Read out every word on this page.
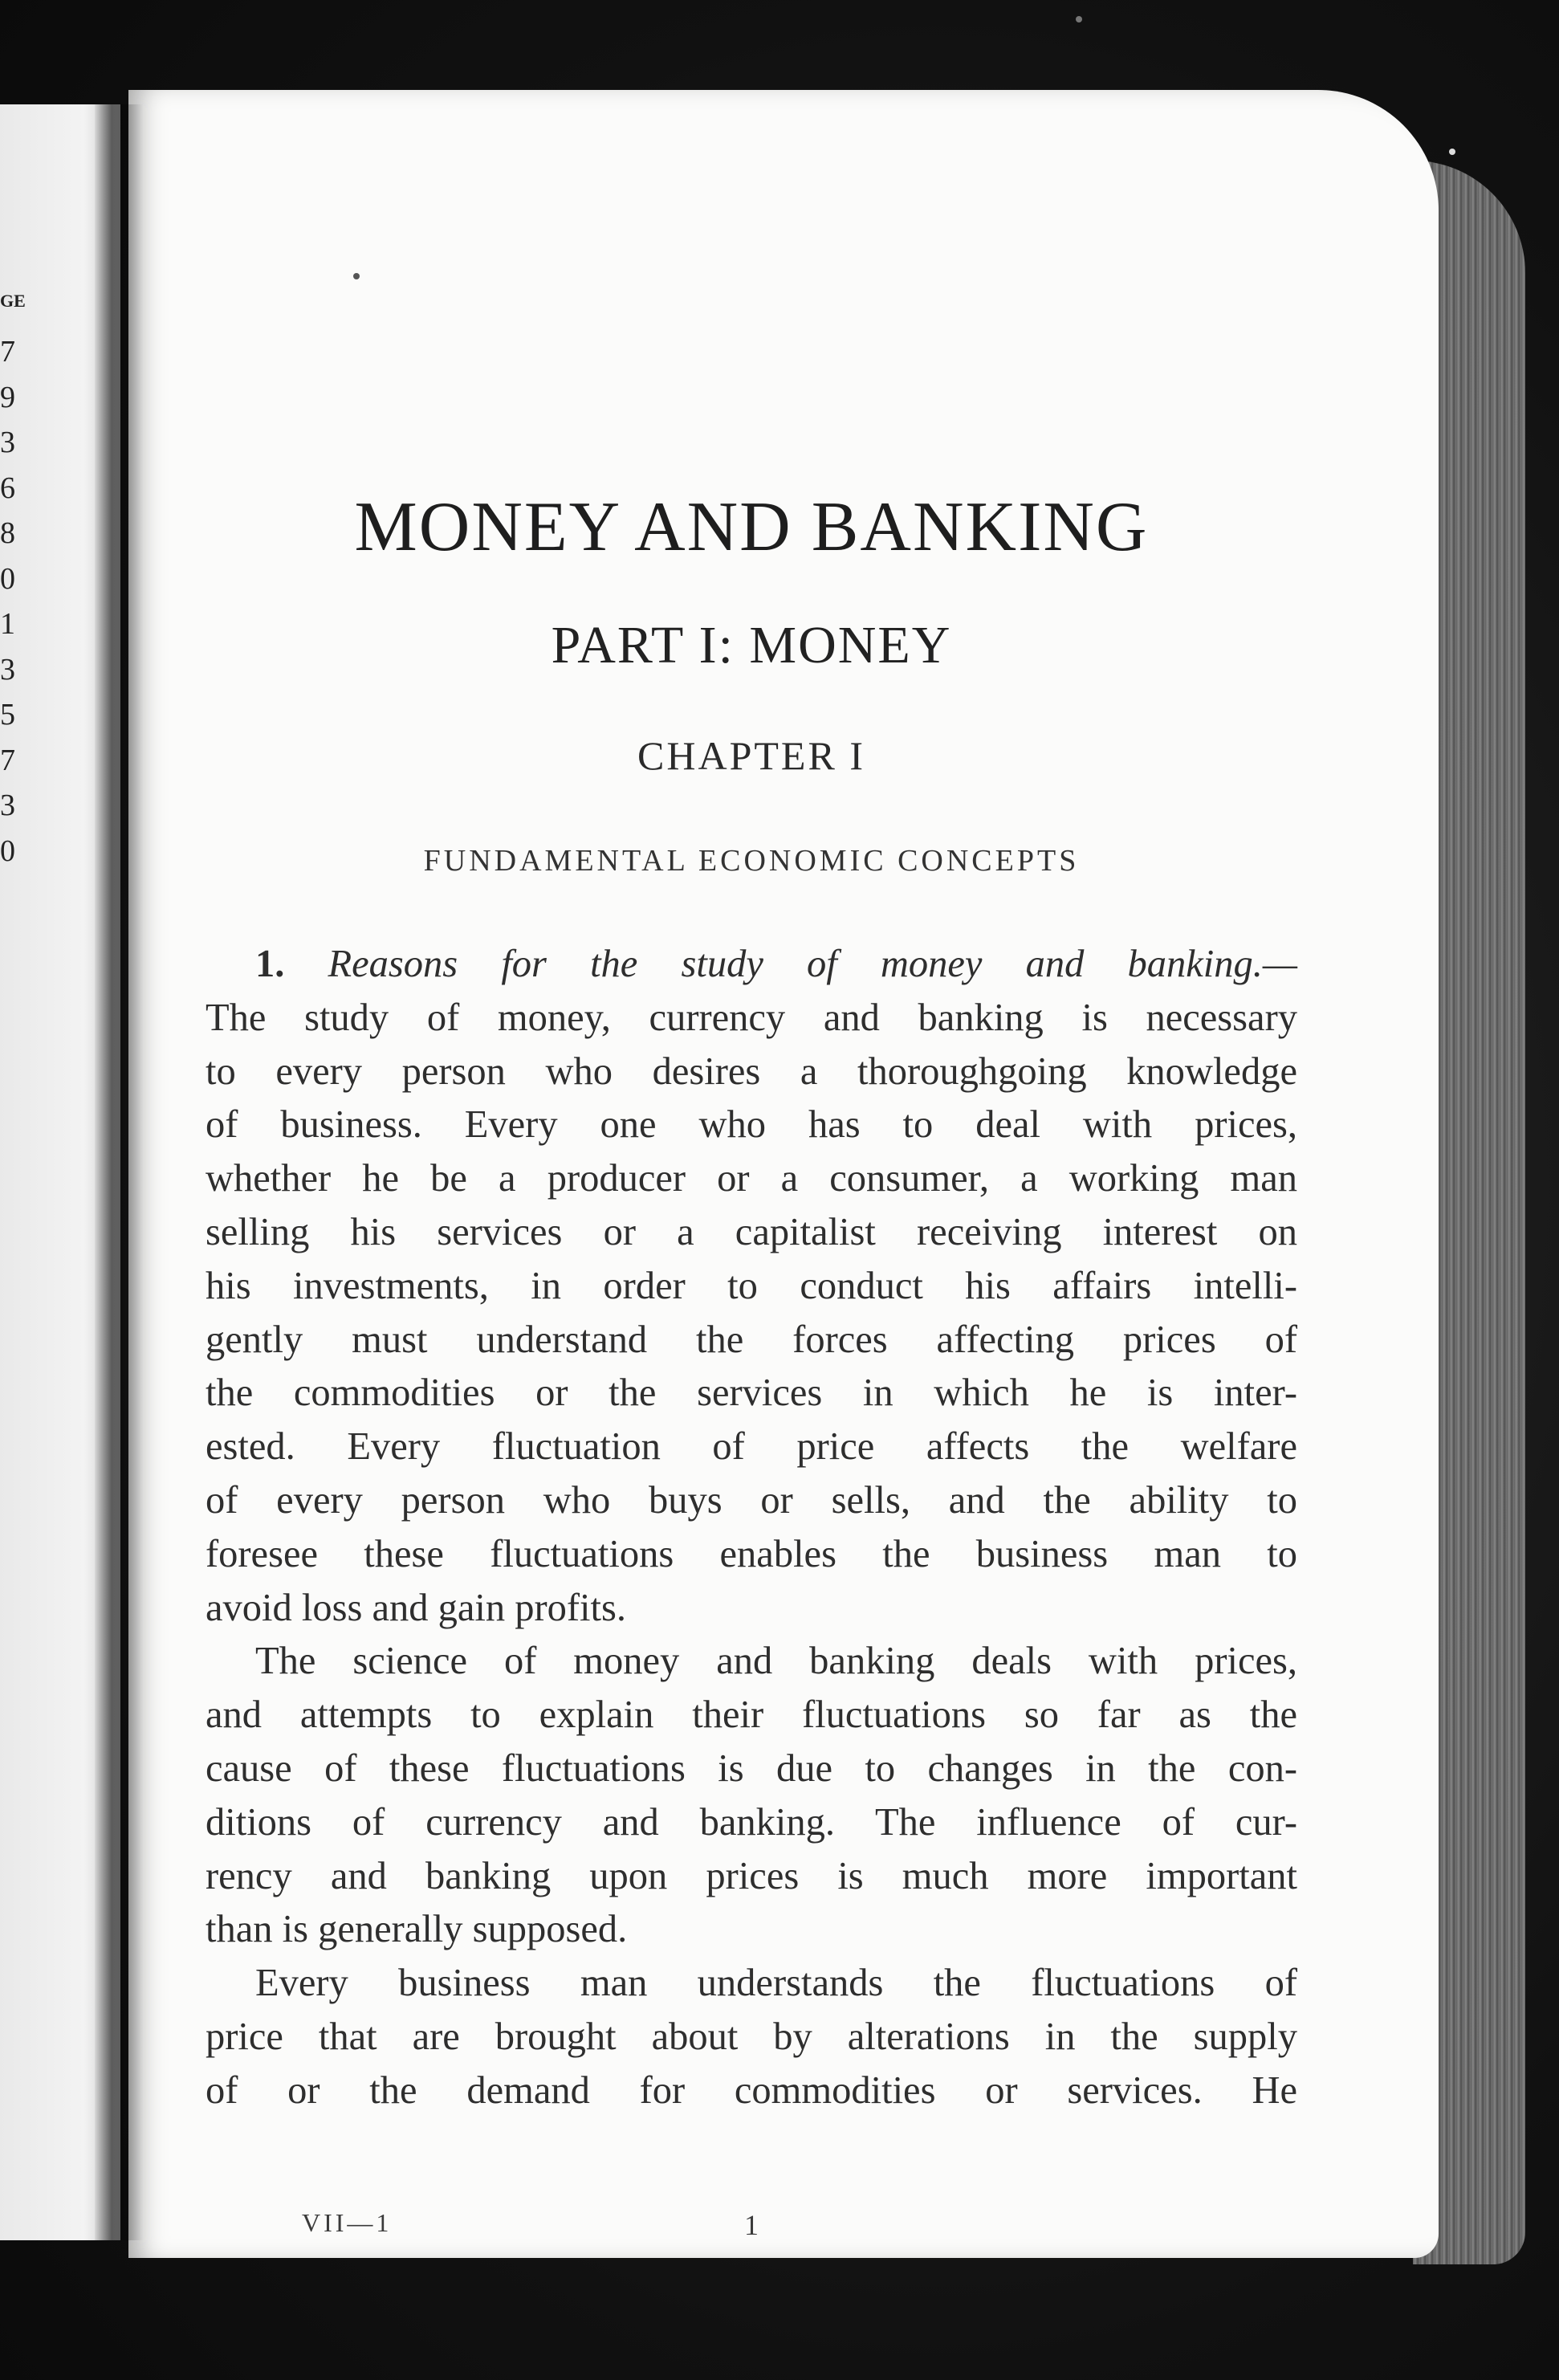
GE
7
9
3
6
8
0
1
3
5
7
3
0
MONEY AND BANKING
PART I: MONEY
CHAPTER I
FUNDAMENTAL ECONOMIC CONCEPTS
1. Reasons for the study of money and banking.—
The study of money, currency and banking is necessary
to every person who desires a thoroughgoing knowledge
of business. Every one who has to deal with prices,
whether he be a producer or a consumer, a working man
selling his services or a capitalist receiving interest on
his investments, in order to conduct his affairs intelli-
gently must understand the forces affecting prices of
the commodities or the services in which he is inter-
ested. Every fluctuation of price affects the welfare
of every person who buys or sells, and the ability to
foresee these fluctuations enables the business man to
avoid loss and gain profits.
The science of money and banking deals with prices,
and attempts to explain their fluctuations so far as the
cause of these fluctuations is due to changes in the con-
ditions of currency and banking. The influence of cur-
rency and banking upon prices is much more important
than is generally supposed.
Every business man understands the fluctuations of
price that are brought about by alterations in the supply
of or the demand for commodities or services. He
VII—1	1
